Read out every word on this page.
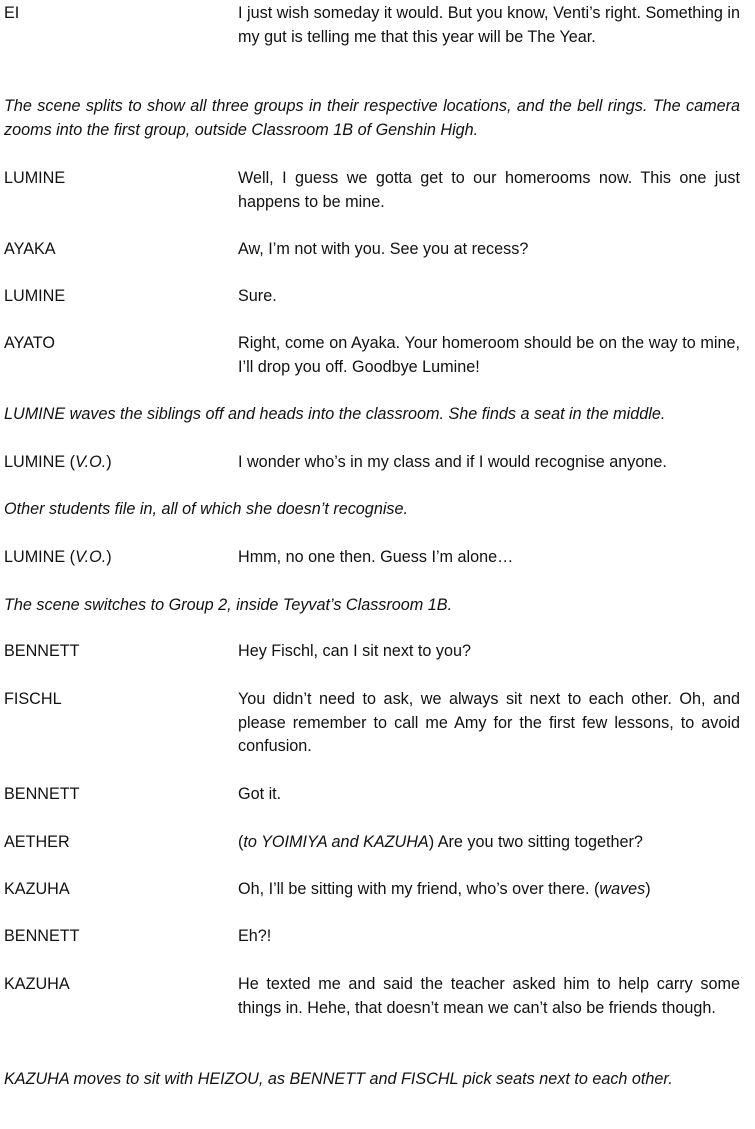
EI	I just wish someday it would. But you know, Venti’s right. Something in my gut is telling me that this year will be The Year.
The scene splits to show all three groups in their respective locations, and the bell rings. The camera zooms into the first group, outside Classroom 1B of Genshin High.
LUMINE	Well, I guess we gotta get to our homerooms now. This one just happens to be mine.
AYAKA	Aw, I’m not with you. See you at recess?
LUMINE	Sure.
AYATO	Right, come on Ayaka. Your homeroom should be on the way to mine, I’ll drop you off. Goodbye Lumine!
LUMINE waves the siblings off and heads into the classroom. She finds a seat in the middle.
LUMINE (V.O.)	I wonder who’s in my class and if I would recognise anyone.
Other students file in, all of which she doesn’t recognise.
LUMINE (V.O.)	Hmm, no one then. Guess I’m alone…
The scene switches to Group 2, inside Teyvat’s Classroom 1B.
BENNETT	Hey Fischl, can I sit next to you?
FISCHL	You didn’t need to ask, we always sit next to each other. Oh, and please remember to call me Amy for the first few lessons, to avoid confusion.
BENNETT	Got it.
AETHER	(to YOIMIYA and KAZUHA) Are you two sitting together?
KAZUHA	Oh, I’ll be sitting with my friend, who’s over there. (waves)
BENNETT	Eh?!
KAZUHA	He texted me and said the teacher asked him to help carry some things in. Hehe, that doesn’t mean we can’t also be friends though.
KAZUHA moves to sit with HEIZOU, as BENNETT and FISCHL pick seats next to each other.
